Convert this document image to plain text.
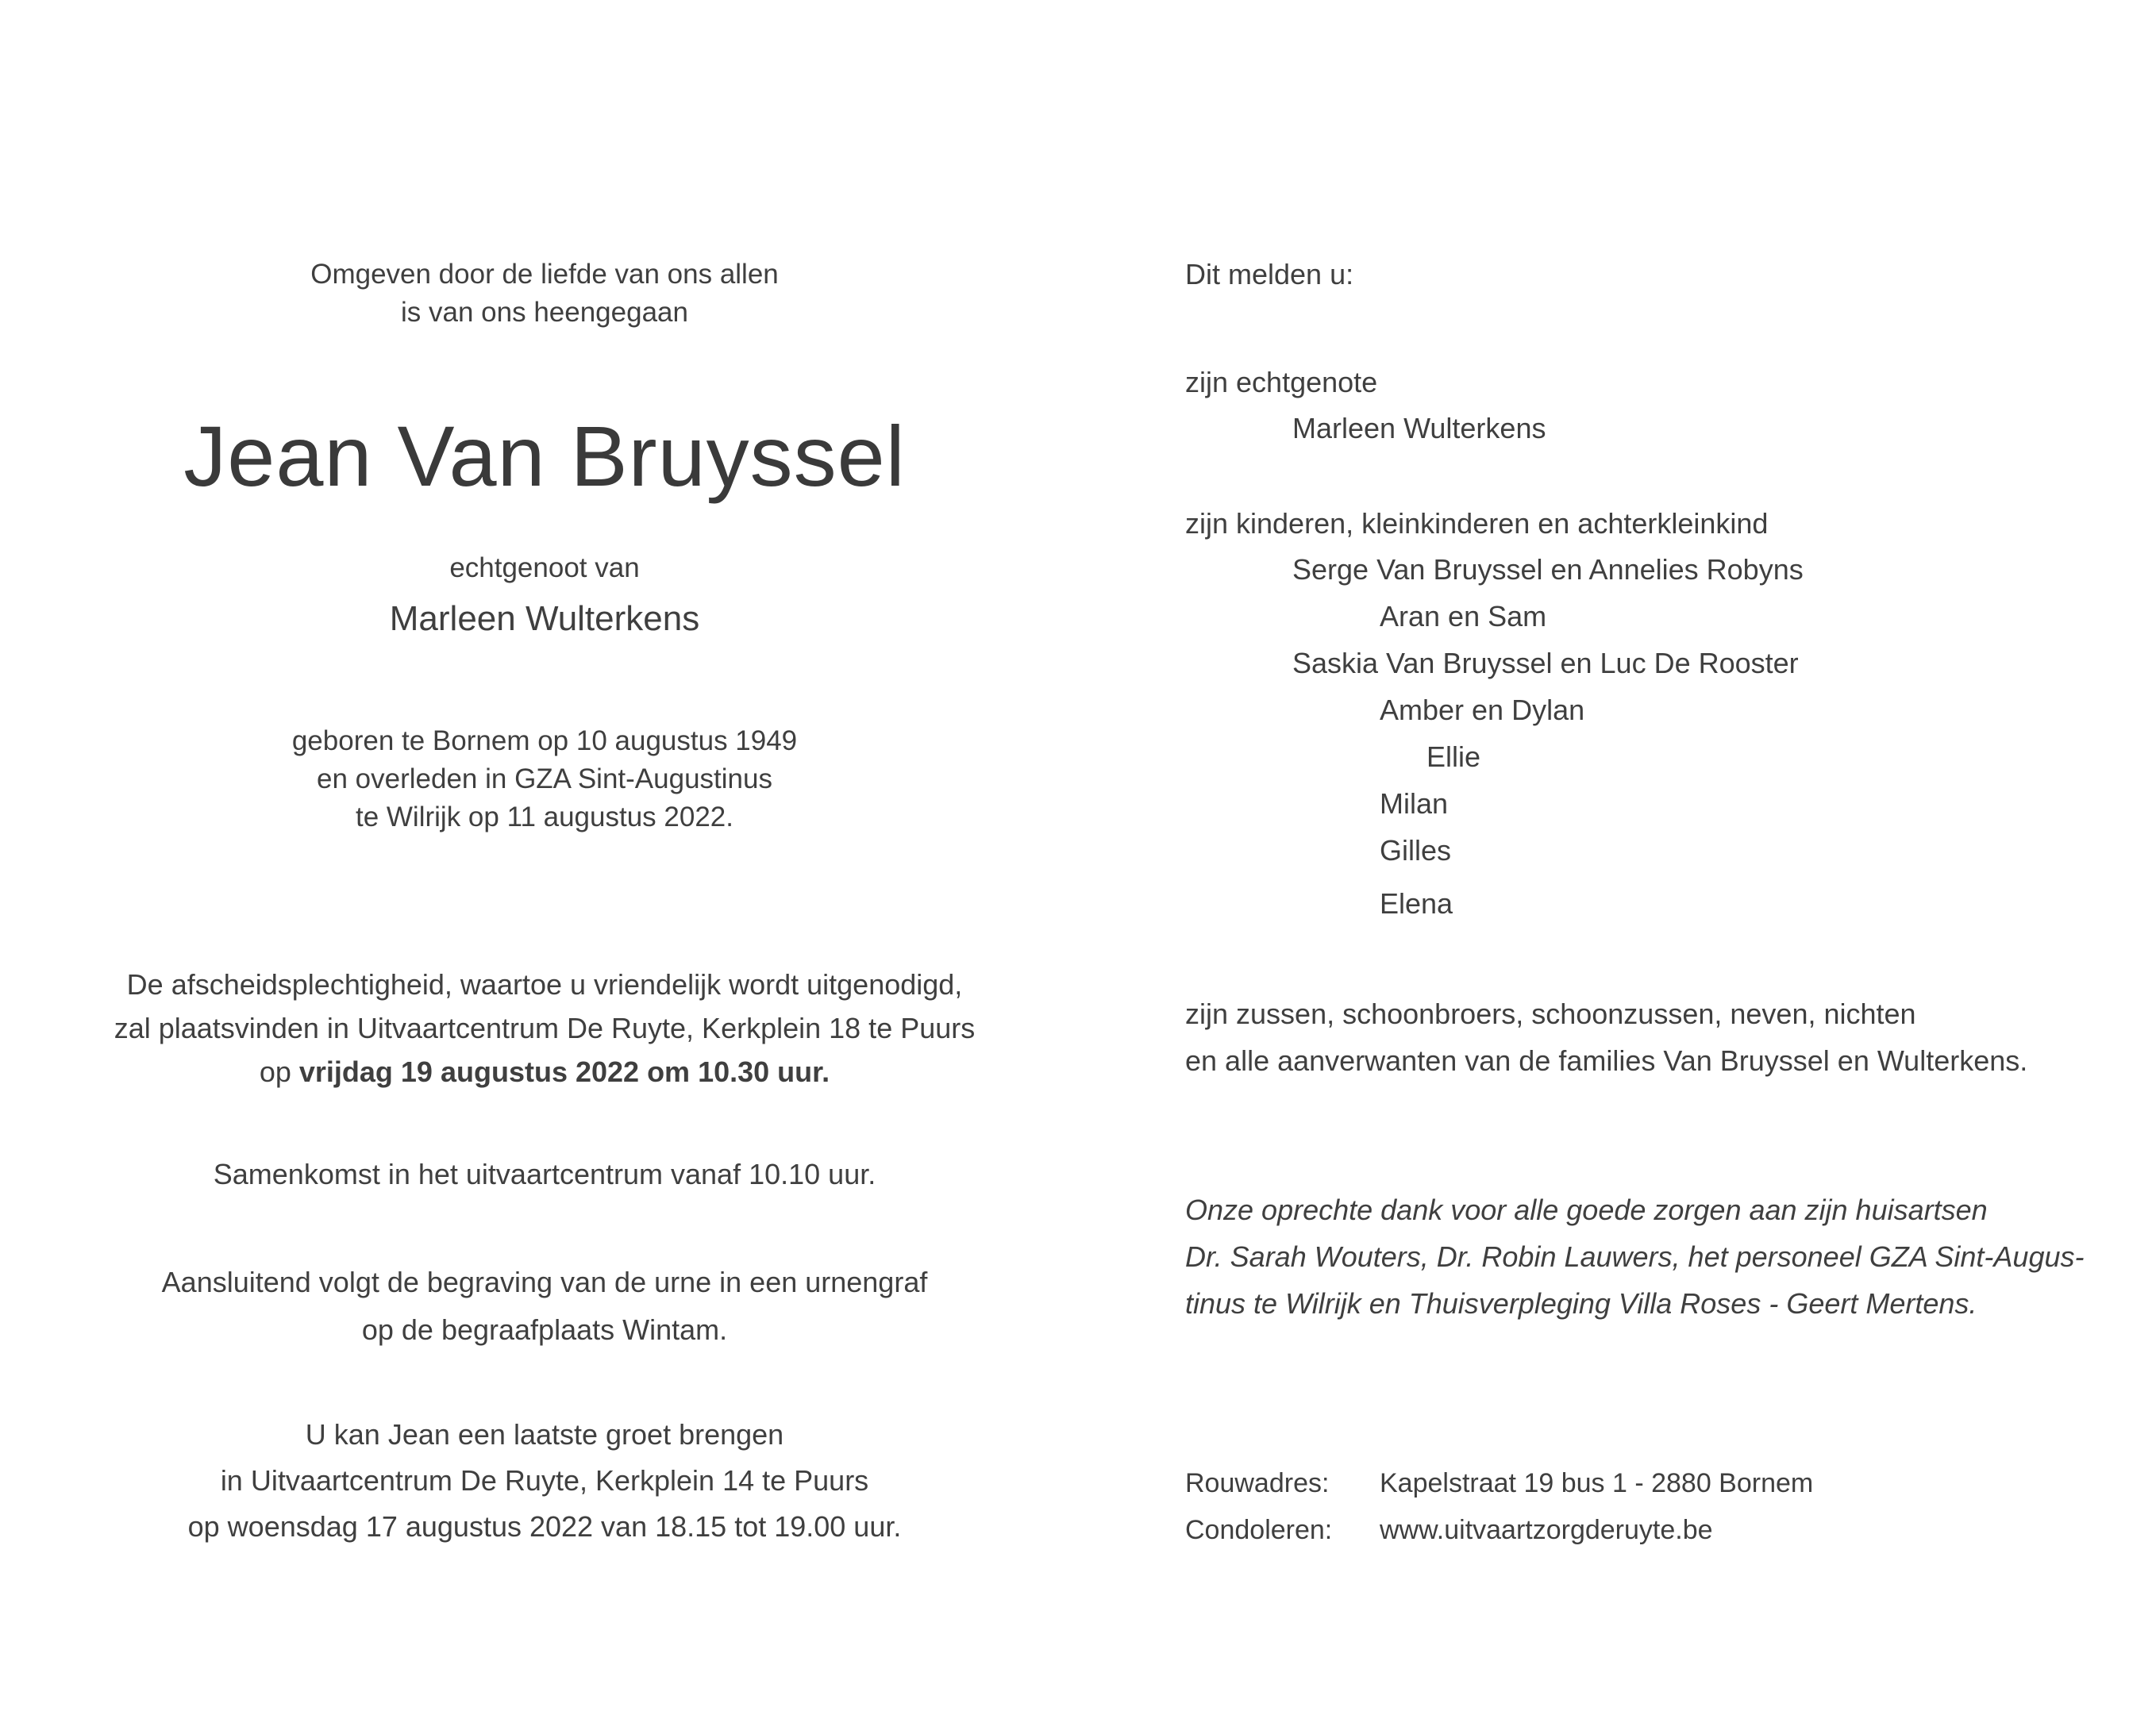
Omgeven door de liefde van ons allen
is van ons heengegaan
Jean Van Bruyssel
echtgenoot van
Marleen Wulterkens
geboren te Bornem op 10 augustus 1949
en overleden in GZA Sint-Augustinus
te Wilrijk op 11 augustus 2022.
De afscheidsplechtigheid, waartoe u vriendelijk wordt uitgenodigd,
zal plaatsvinden in Uitvaartcentrum De Ruyte, Kerkplein 18 te Puurs
op vrijdag 19 augustus 2022 om 10.30 uur.
Samenkomst in het uitvaartcentrum vanaf 10.10 uur.
Aansluitend volgt de begraving van de urne in een urnengraf
op de begraafplaats Wintam.
U kan Jean een laatste groet brengen
in Uitvaartcentrum De Ruyte, Kerkplein 14 te Puurs
op woensdag 17 augustus 2022 van 18.15 tot 19.00 uur.
Dit melden u:
zijn echtgenote
Marleen Wulterkens
zijn kinderen, kleinkinderen en achterkleinkind
Serge Van Bruyssel en Annelies Robyns
Aran en Sam
Saskia Van Bruyssel en Luc De Rooster
Amber en Dylan
Ellie
Milan
Gilles
Elena
zijn zussen, schoonbroers, schoonzussen, neven, nichten
en alle aanverwanten van de families Van Bruyssel en Wulterkens.
Onze oprechte dank voor alle goede zorgen aan zijn huisartsen
Dr. Sarah Wouters, Dr. Robin Lauwers, het personeel GZA Sint-Augus-
tinus te Wilrijk en Thuisverpleging Villa Roses - Geert Mertens.
Rouwadres: Kapelstraat 19 bus 1 - 2880 Bornem
Condoleren: www.uitvaartzorgderuyte.be
